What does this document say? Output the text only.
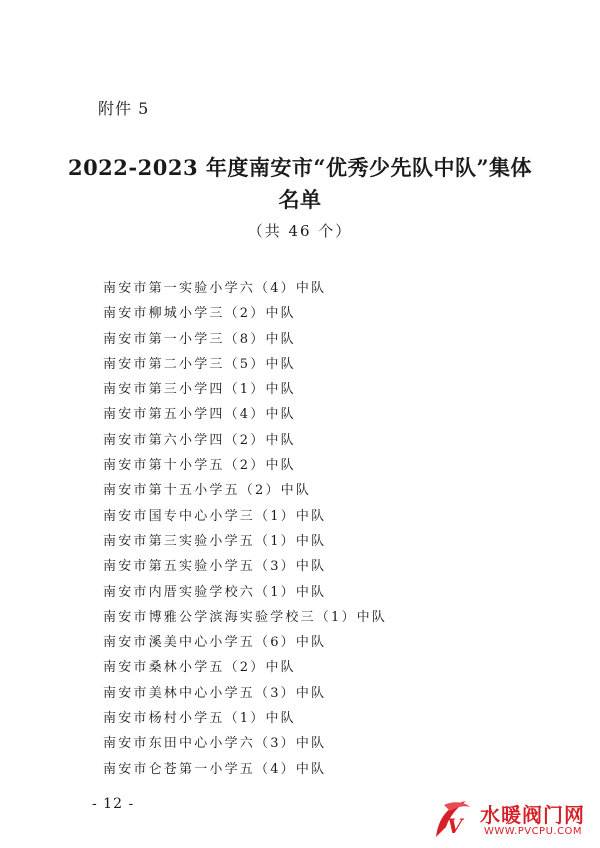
附件 5
2022-2023 年度南安市“优秀少先队中队”集体
名单
（共 46 个）
南安市第一实验小学六（4）中队
南安市柳城小学三（2）中队
南安市第一小学三（8）中队
南安市第二小学三（5）中队
南安市第三小学四（1）中队
南安市第五小学四（4）中队
南安市第六小学四（2）中队
南安市第十小学五（2）中队
南安市第十五小学五（2）中队
南安市国专中心小学三（1）中队
南安市第三实验小学五（1）中队
南安市第五实验小学五（3）中队
南安市内厝实验学校六（1）中队
南安市博雅公学滨海实验学校三（1）中队
南安市溪美中心小学五（6）中队
南安市桑林小学五（2）中队
南安市美林中心小学五（3）中队
南安市杨村小学五（1）中队
南安市东田中心小学六（3）中队
南安市仑苍第一小学五（4）中队
- 12 -
V 水暖阀门网
WWW.PVCPU.COM
